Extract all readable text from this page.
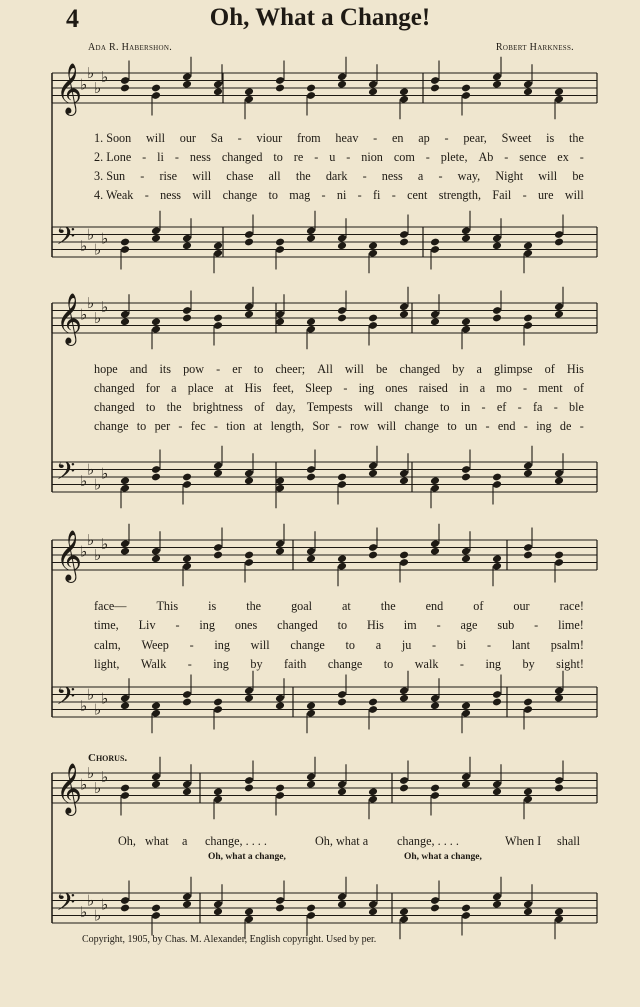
4	Oh, What a Change!
Ada R. Habershon.	Robert Harkness.
𝄞
♭
♭
♭
♭
𝄢 ♭
♭
♭
♭
𝄞
♭
♭
♭
♭
𝄢 ♭
♭
♭
♭
𝄞
♭
♭
♭
♭
𝄢 ♭
♭
♭
♭
𝄞
♭
♭
♭
♭
𝄢 ♭
♭
♭
♭
1. Soon will our Sa - viour from heav - en ap - pear, Sweet is the
2. Lone - li - ness changed to re - u - nion com - plete, Ab - sence ex -
3. Sun - rise will chase all the dark - ness a - way, Night will be
4. Weak - ness will change to mag - ni - fi - cent strength, Fail - ure will
hope and its pow - er to cheer; All will be changed by a glimpse of His
changed for a place at His feet, Sleep - ing ones raised in a mo - ment of
changed to the brightness of day, Tempests will change to in - ef - fa - ble
change to per - fec - tion at length, Sor - row will change to un - end - ing de -
face— This is the goal at the end of our race!
time, Liv - ing ones changed to His im - age sub - lime!
calm, Weep - ing will change to a ju - bi - lant psalm!
light, Walk - ing by faith change to walk - ing by sight!
Chorus.
Oh, what a change, . . . .	Oh, what a change, . . . .	When I shall
Oh, what a change,	Oh, what a change,
Copyright, 1905, by Chas. M. Alexander, English copyright. Used by per.
